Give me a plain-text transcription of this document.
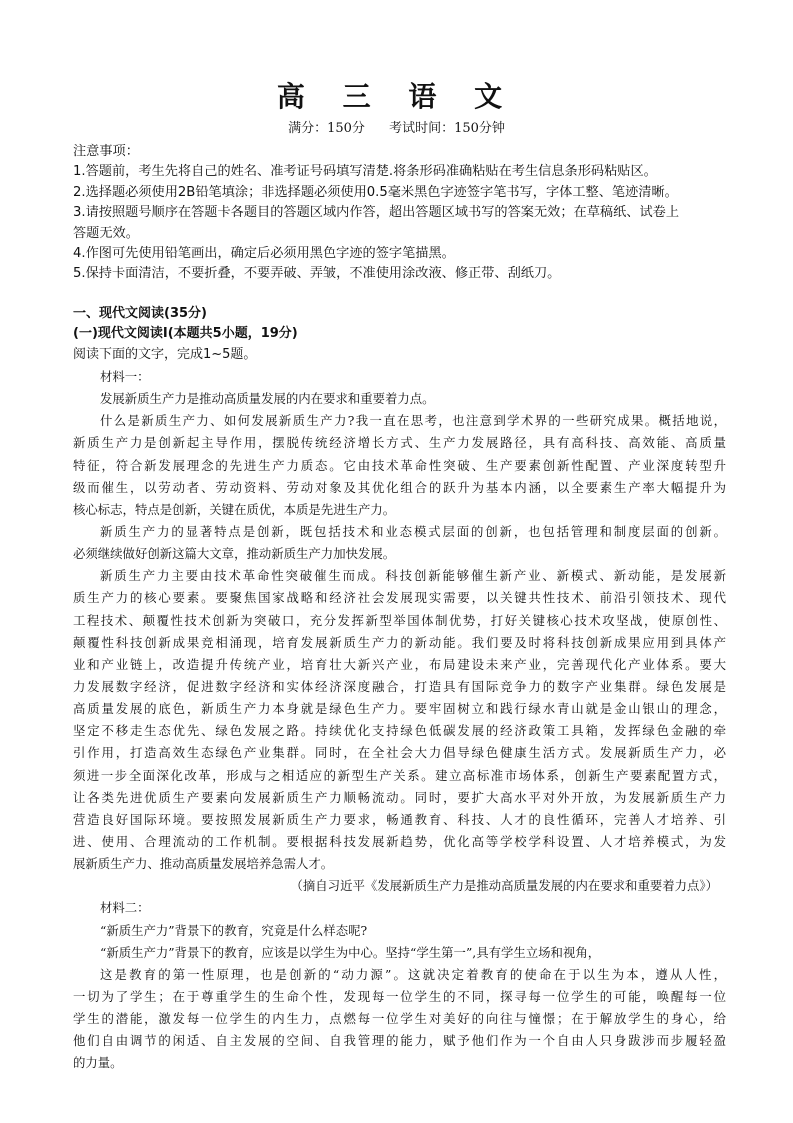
高 三 语 文
满分：150分 考试时间：150分钟
注意事项：
1.答题前，考生先将自己的姓名、准考证号码填写清楚.将条形码准确粘贴在考生信息条形码粘贴区。
2.选择题必须使用2B铅笔填涂；非选择题必须使用0.5毫米黑色字迹签字笔书写，字体工整、笔迹清晰。
3.请按照题号顺序在答题卡各题目的答题区域内作答，超出答题区域书写的答案无效；在草稿纸、试卷上
答题无效。
4.作图可先使用铅笔画出，确定后必须用黑色字迹的签字笔描黑。
5.保持卡面清洁，不要折叠，不要弄破、弄皱，不准使用涂改液、修正带、刮纸刀。
一、现代文阅读(35分)
(一)现代文阅读Ⅰ(本题共5小题，19分)
阅读下面的文字，完成1~5题。
材料一：
发展新质生产力是推动高质量发展的内在要求和重要着力点。
什么是新质生产力、如何发展新质生产力?我一直在思考，也注意到学术界的一些研究成果。概括地说，
新质生产力是创新起主导作用，摆脱传统经济增长方式、生产力发展路径，具有高科技、高效能、高质量
特征，符合新发展理念的先进生产力质态。它由技术革命性突破、生产要素创新性配置、产业深度转型升
级而催生，以劳动者、劳动资料、劳动对象及其优化组合的跃升为基本内涵，以全要素生产率大幅提升为
核心标志，特点是创新，关键在质优，本质是先进生产力。
新质生产力的显著特点是创新，既包括技术和业态模式层面的创新，也包括管理和制度层面的创新。
必须继续做好创新这篇大文章，推动新质生产力加快发展。
新质生产力主要由技术革命性突破催生而成。科技创新能够催生新产业、新模式、新动能，是发展新
质生产力的核心要素。要聚焦国家战略和经济社会发展现实需要，以关键共性技术、前沿引领技术、现代
工程技术、颠覆性技术创新为突破口，充分发挥新型举国体制优势，打好关键核心技术攻坚战，使原创性、
颠覆性科技创新成果竞相涌现，培育发展新质生产力的新动能。我们要及时将科技创新成果应用到具体产
业和产业链上，改造提升传统产业，培育壮大新兴产业，布局建设未来产业，完善现代化产业体系。要大
力发展数字经济，促进数字经济和实体经济深度融合，打造具有国际竞争力的数字产业集群。绿色发展是
高质量发展的底色，新质生产力本身就是绿色生产力。要牢固树立和践行绿水青山就是金山银山的理念，
坚定不移走生态优先、绿色发展之路。持续优化支持绿色低碳发展的经济政策工具箱，发挥绿色金融的牵
引作用，打造高效生态绿色产业集群。同时，在全社会大力倡导绿色健康生活方式。发展新质生产力，必
须进一步全面深化改革，形成与之相适应的新型生产关系。建立高标准市场体系，创新生产要素配置方式，
让各类先进优质生产要素向发展新质生产力顺畅流动。同时，要扩大高水平对外开放，为发展新质生产力
营造良好国际环境。要按照发展新质生产力要求，畅通教育、科技、人才的良性循环，完善人才培养、引
进、使用、合理流动的工作机制。要根据科技发展新趋势，优化高等学校学科设置、人才培养模式，为发
展新质生产力、推动高质量发展培养急需人才。
（摘自习近平《发展新质生产力是推动高质量发展的内在要求和重要着力点》）
材料二：
“新质生产力”背景下的教育，究竟是什么样态呢?
“新质生产力”背景下的教育，应该是以学生为中心。坚持“学生第一”,具有学生立场和视角，
这是教育的第一性原理，也是创新的“动力源”。这就决定着教育的使命在于以生为本，遵从人性，
一切为了学生；在于尊重学生的生命个性，发现每一位学生的不同，探寻每一位学生的可能，唤醒每一位
学生的潜能，激发每一位学生的内生力，点燃每一位学生对美好的向往与憧憬；在于解放学生的身心，给
他们自由调节的闲适、自主发展的空间、自我管理的能力，赋予他们作为一个自由人只身跋涉而步履轻盈
的力量。
